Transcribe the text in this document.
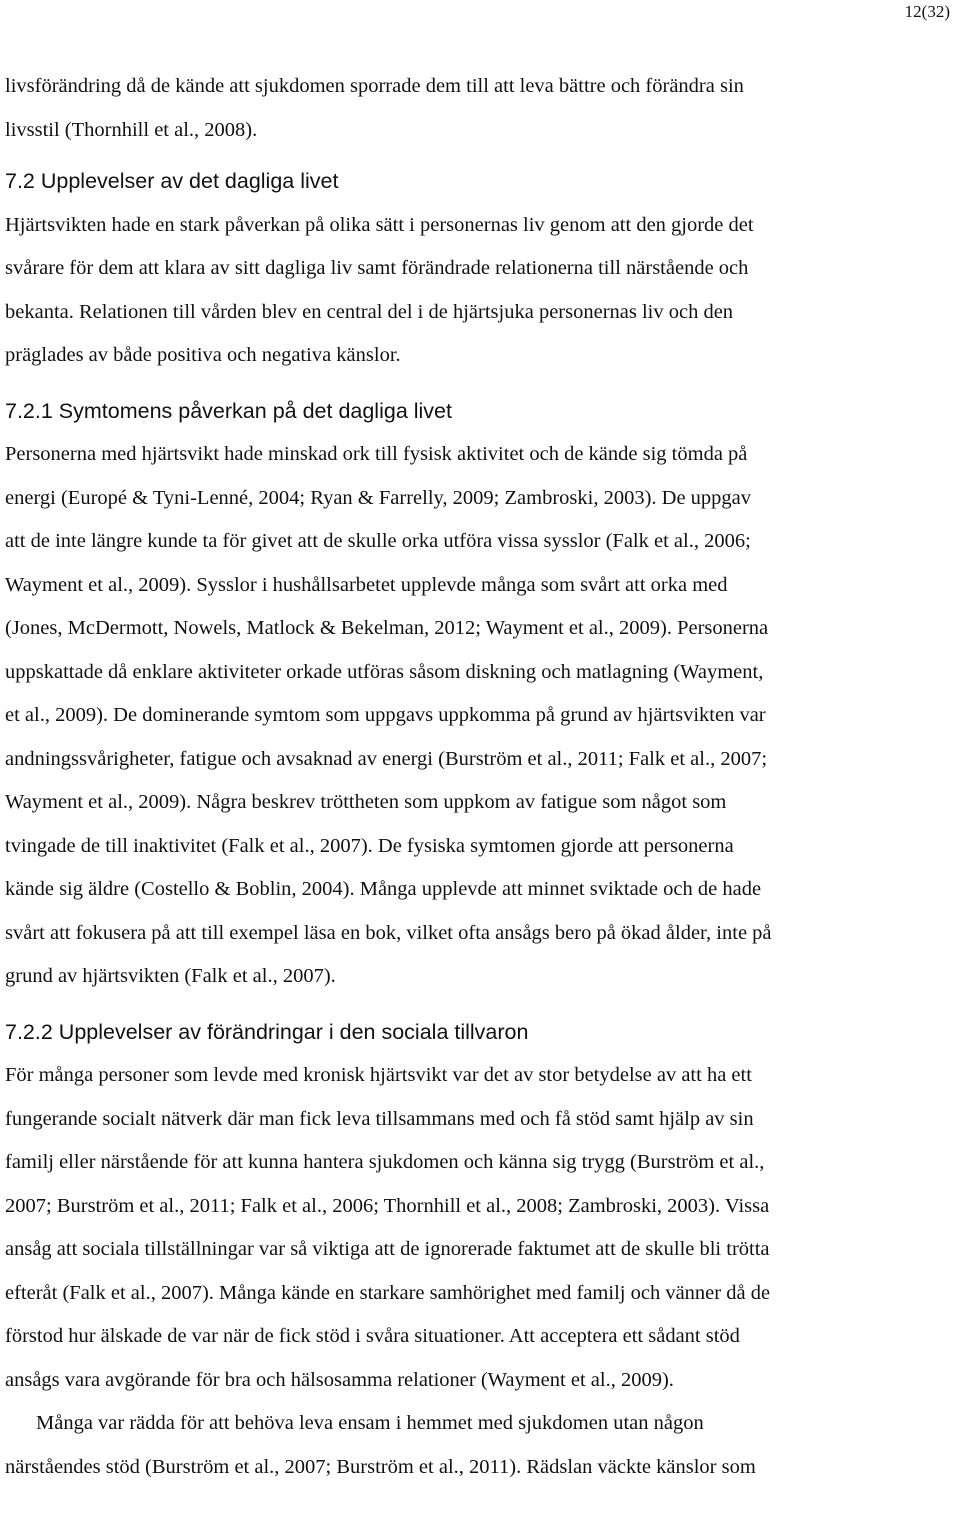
12(32)

livsförändring då de kände att sjukdomen sporrade dem till att leva bättre och förändra sin
livsstil (Thornhill et al., 2008).

7.2 Upplevelser av det dagliga livet

Hjärtsvikten hade en stark påverkan på olika sätt i personernas liv genom att den gjorde det
svårare för dem att klara av sitt dagliga liv samt förändrade relationerna till närstående och
bekanta. Relationen till vården blev en central del i de hjärtsjuka personernas liv och den
präglades av både positiva och negativa känslor.

7.2.1 Symtomens påverkan på det dagliga livet

Personerna med hjärtsvikt hade minskad ork till fysisk aktivitet och de kände sig tömda på
energi (Europé & Tyni-Lenné, 2004; Ryan & Farrelly, 2009; Zambroski, 2003). De uppgav
att de inte längre kunde ta för givet att de skulle orka utföra vissa sysslor (Falk et al., 2006;
Wayment et al., 2009). Sysslor i hushållsarbetet upplevde många som svårt att orka med
(Jones, McDermott, Nowels, Matlock & Bekelman, 2012; Wayment et al., 2009). Personerna
uppskattade då enklare aktiviteter orkade utföras såsom diskning och matlagning (Wayment,
et al., 2009). De dominerande symtom som uppgavs uppkomma på grund av hjärtsvikten var
andningssvårigheter, fatigue och avsaknad av energi (Burström et al., 2011; Falk et al., 2007;
Wayment et al., 2009). Några beskrev tröttheten som uppkom av fatigue som något som
tvingade de till inaktivitet (Falk et al., 2007). De fysiska symtomen gjorde att personerna
kände sig äldre (Costello & Boblin, 2004). Många upplevde att minnet sviktade och de hade
svårt att fokusera på att till exempel läsa en bok, vilket ofta ansågs bero på ökad ålder, inte på
grund av hjärtsvikten (Falk et al., 2007).

7.2.2 Upplevelser av förändringar i den sociala tillvaron

För många personer som levde med kronisk hjärtsvikt var det av stor betydelse av att ha ett
fungerande socialt nätverk där man fick leva tillsammans med och få stöd samt hjälp av sin
familj eller närstående för att kunna hantera sjukdomen och känna sig trygg (Burström et al.,
2007; Burström et al., 2011; Falk et al., 2006; Thornhill et al., 2008; Zambroski, 2003). Vissa
ansåg att sociala tillställningar var så viktiga att de ignorerade faktumet att de skulle bli trötta
efteråt (Falk et al., 2007). Många kände en starkare samhörighet med familj och vänner då de
förstod hur älskade de var när de fick stöd i svåra situationer. Att acceptera ett sådant stöd
ansågs vara avgörande för bra och hälsosamma relationer (Wayment et al., 2009).

Många var rädda för att behöva leva ensam i hemmet med sjukdomen utan någon
närståendes stöd (Burström et al., 2007; Burström et al., 2011). Rädslan väckte känslor som
